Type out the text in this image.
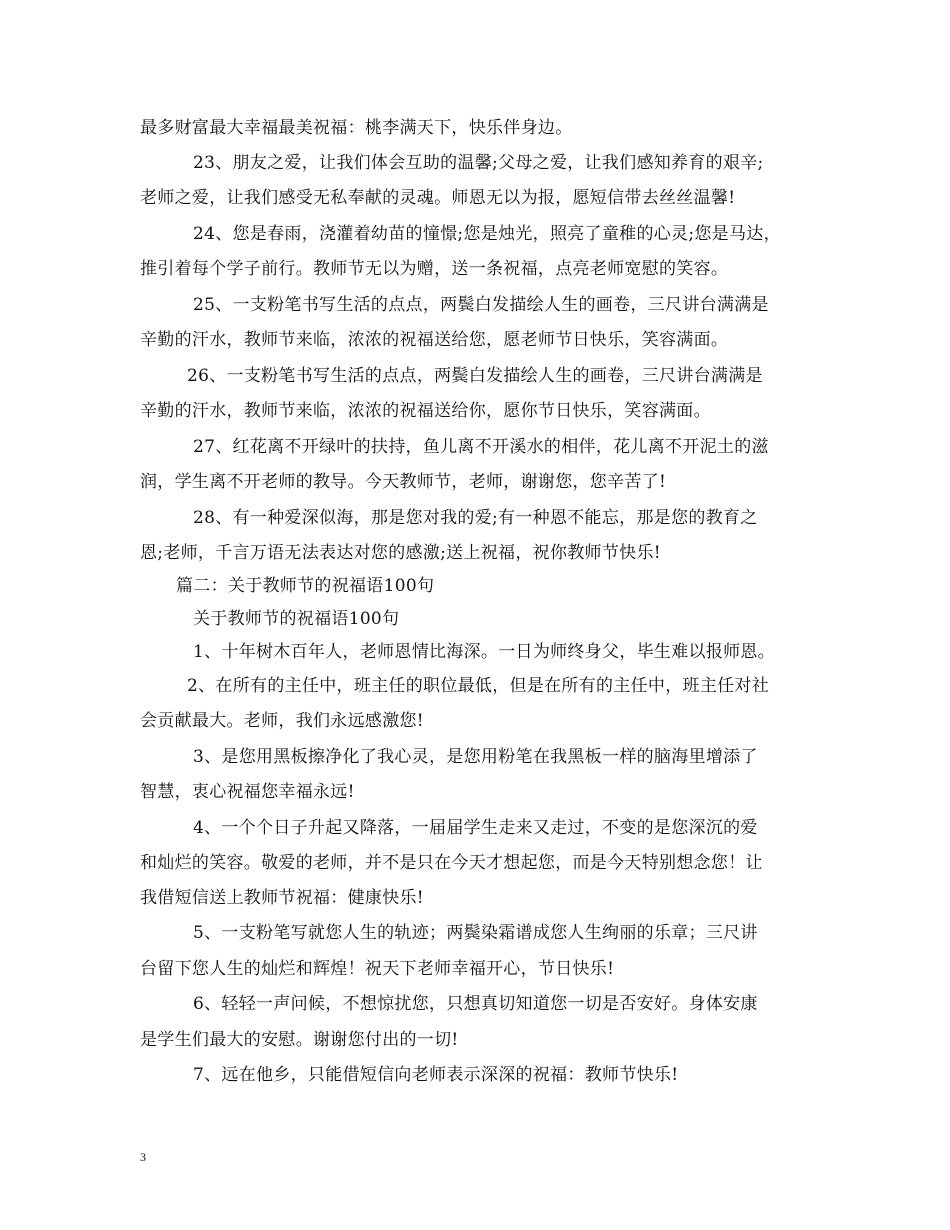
最多财富最大幸福最美祝福：桃李满天下，快乐伴身边。
23、朋友之爱，让我们体会互助的温馨;父母之爱，让我们感知养育的艰辛;
老师之爱，让我们感受无私奉献的灵魂。师恩无以为报，愿短信带去丝丝温馨!
24、您是春雨，浇灌着幼苗的憧憬;您是烛光，照亮了童稚的心灵;您是马达，
推引着每个学子前行。教师节无以为赠，送一条祝福，点亮老师宽慰的笑容。
25、一支粉笔书写生活的点点，两鬓白发描绘人生的画卷，三尺讲台满满是
辛勤的汗水，教师节来临，浓浓的祝福送给您，愿老师节日快乐，笑容满面。
26、一支粉笔书写生活的点点，两鬓白发描绘人生的画卷，三尺讲台满满是
辛勤的汗水，教师节来临，浓浓的祝福送给你，愿你节日快乐，笑容满面。
27、红花离不开绿叶的扶持，鱼儿离不开溪水的相伴，花儿离不开泥土的滋
润，学生离不开老师的教导。今天教师节，老师，谢谢您，您辛苦了!
28、有一种爱深似海，那是您对我的爱;有一种恩不能忘，那是您的教育之
恩;老师，千言万语无法表达对您的感激;送上祝福，祝你教师节快乐!
篇二：关于教师节的祝福语100句
关于教师节的祝福语100句
1、十年树木百年人，老师恩情比海深。一日为师终身父，毕生难以报师恩。
2、在所有的主任中，班主任的职位最低，但是在所有的主任中，班主任对社
会贡献最大。老师，我们永远感激您!
3、是您用黑板擦净化了我心灵，是您用粉笔在我黑板一样的脑海里增添了
智慧，衷心祝福您幸福永远!
4、一个个日子升起又降落，一届届学生走来又走过，不变的是您深沉的爱
和灿烂的笑容。敬爱的老师，并不是只在今天才想起您，而是今天特别想念您！让
我借短信送上教师节祝福：健康快乐!
5、一支粉笔写就您人生的轨迹；两鬓染霜谱成您人生绚丽的乐章；三尺讲
台留下您人生的灿烂和辉煌！祝天下老师幸福开心，节日快乐!
6、轻轻一声问候，不想惊扰您，只想真切知道您一切是否安好。身体安康
是学生们最大的安慰。谢谢您付出的一切!
7、远在他乡，只能借短信向老师表示深深的祝福：教师节快乐!
3
